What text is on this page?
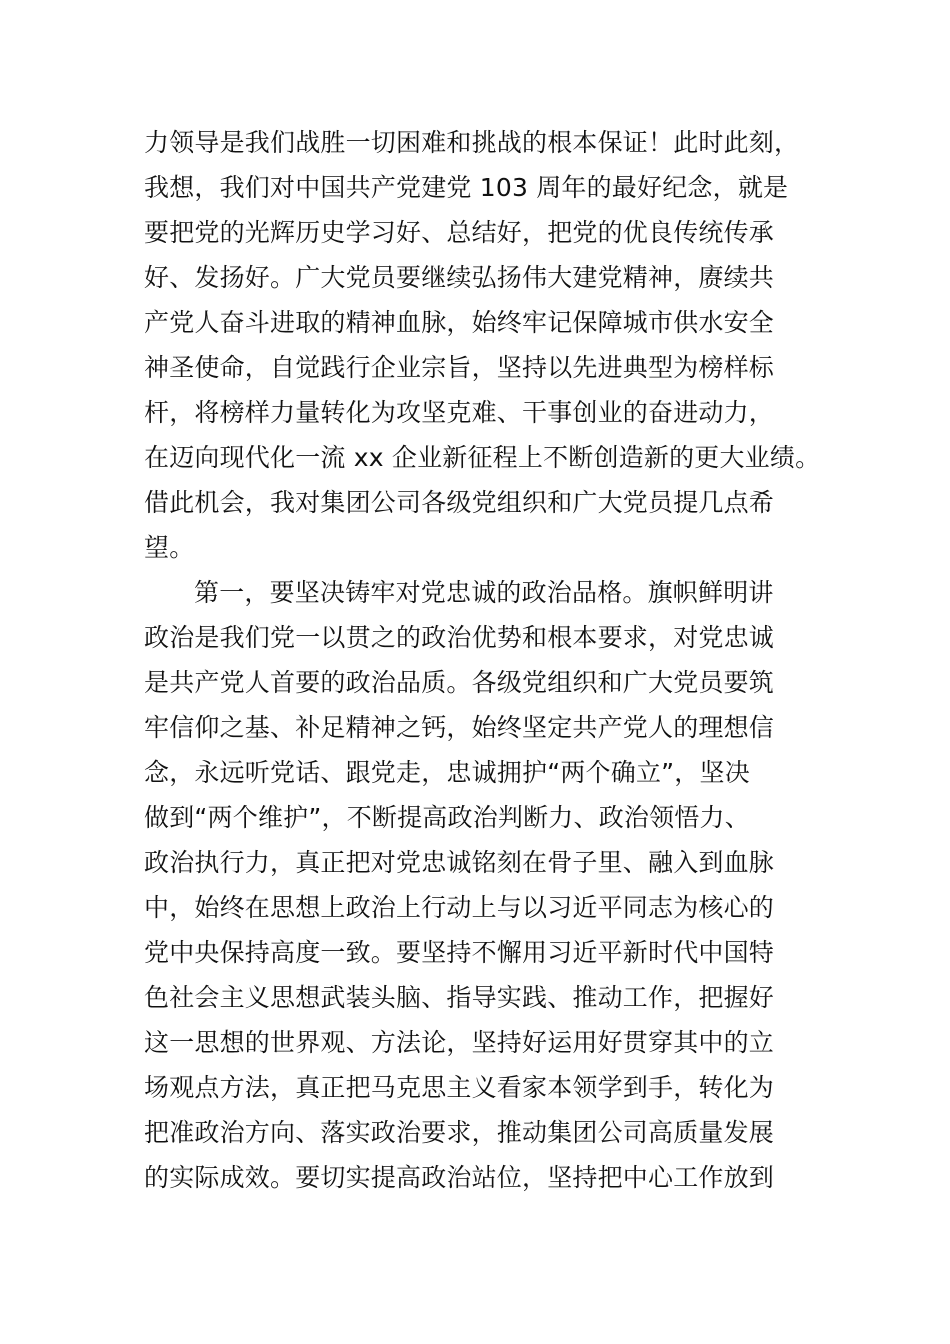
力领导是我们战胜一切困难和挑战的根本保证！此时此刻，
我想，我们对中国共产党建党 103 周年的最好纪念，就是
要把党的光辉历史学习好、总结好，把党的优良传统传承
好、发扬好。广大党员要继续弘扬伟大建党精神，赓续共
产党人奋斗进取的精神血脉，始终牢记保障城市供水安全
神圣使命，自觉践行企业宗旨，坚持以先进典型为榜样标
杆，将榜样力量转化为攻坚克难、干事创业的奋进动力，
在迈向现代化一流 xx 企业新征程上不断创造新的更大业绩。
借此机会，我对集团公司各级党组织和广大党员提几点希
望。
第一，要坚决铸牢对党忠诚的政治品格。旗帜鲜明讲
政治是我们党一以贯之的政治优势和根本要求，对党忠诚
是共产党人首要的政治品质。各级党组织和广大党员要筑
牢信仰之基、补足精神之钙，始终坚定共产党人的理想信
念，永远听党话、跟党走，忠诚拥护“两个确立”，坚决
做到“两个维护”，不断提高政治判断力、政治领悟力、
政治执行力，真正把对党忠诚铭刻在骨子里、融入到血脉
中，始终在思想上政治上行动上与以习近平同志为核心的
党中央保持高度一致。要坚持不懈用习近平新时代中国特
色社会主义思想武装头脑、指导实践、推动工作，把握好
这一思想的世界观、方法论，坚持好运用好贯穿其中的立
场观点方法，真正把马克思主义看家本领学到手，转化为
把准政治方向、落实政治要求，推动集团公司高质量发展
的实际成效。要切实提高政治站位，坚持把中心工作放到
